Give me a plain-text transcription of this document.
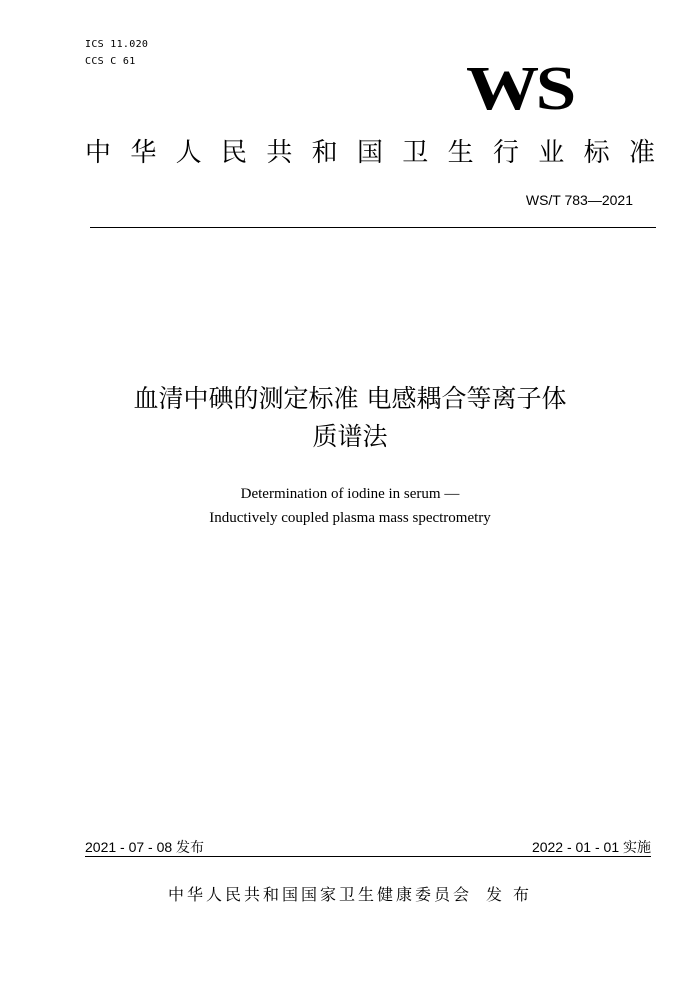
ICS 11.020
CCS C 61	WS
中 华 人 民 共 和 国 卫 生 行 业 标 准
WS/T 783—2021
血清中碘的测定标准 电感耦合等离子体
质谱法
Determination of iodine in serum —
Inductively coupled plasma mass spectrometry
2021 - 07 - 08 发布	2022 - 01 - 01 实施
中华人民共和国国家卫生健康委员会 发 布
